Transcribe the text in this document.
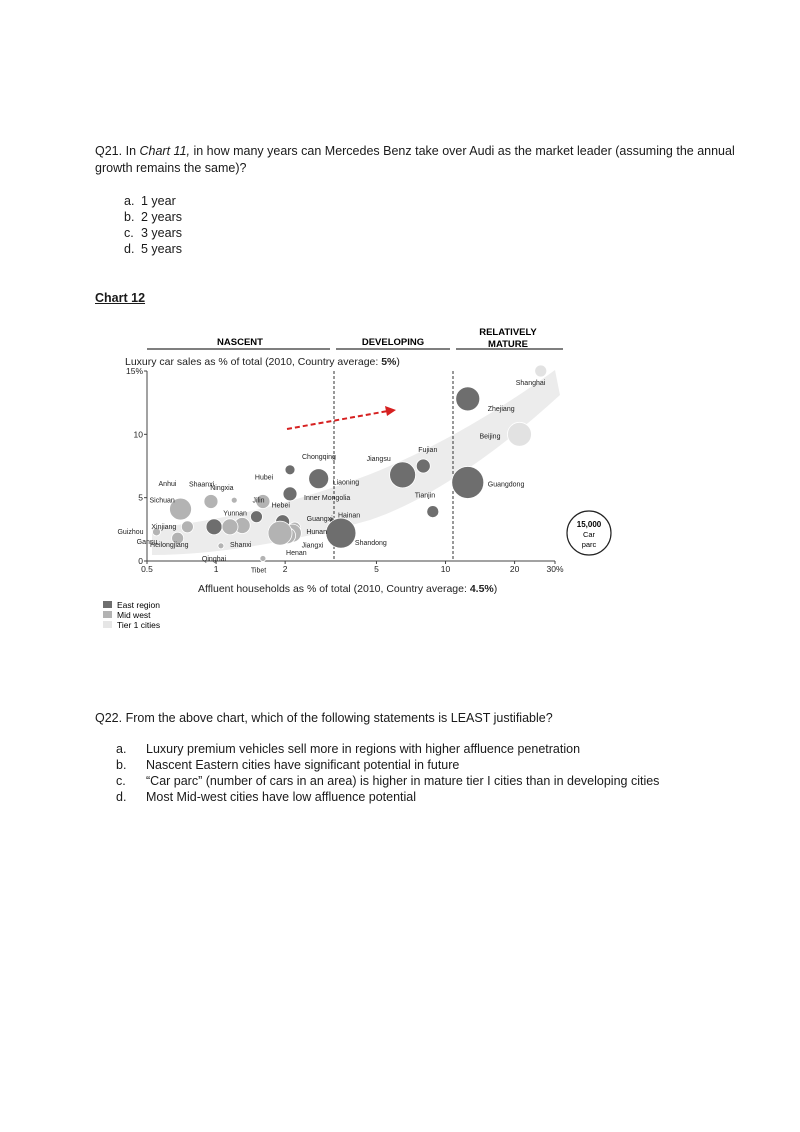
Q21. In Chart 11, in how many years can Mercedes Benz take over Audi as the market leader (assuming the annual growth remains the same)?
a. 1 year
b. 2 years
c. 3 years
d. 5 years
Chart 12
NASCENT	DEVELOPING
RELATIVELY MATURE
Luxury car sales as % of total (2010, Country average: 5%)
0.5	1	2	5	10	20	30%
0
5
10
15%
Shanghai
Zhejiang
Beijing
Fujian
Jiangsu
Guangdong
Tianjin
Chongqing
Liaoning
Inner Mongolia
Hainan
Hebei
Guangxi
Hunan
Jiangxi
Henan
Shandong
Anhui
Sichuan
Shaanxi
Ningxia
Hubei
Jilin
Yunnan
Xinjiang
Guizhou
Gansu
Heilongjiang
Qinghai
Shanxi
Tibet
15,000
Car
parc
Affluent households as % of total (2010, Country average: 4.5%)
East region
Mid west
Tier 1 cities
Q22. From the above chart, which of the following statements is LEAST justifiable?
a.	Luxury premium vehicles sell more in regions with higher affluence penetration
b.	Nascent Eastern cities have significant potential in future
c.	“Car parc” (number of cars in an area) is higher in mature tier I cities than in developing cities
d.	Most Mid-west cities have low affluence potential
